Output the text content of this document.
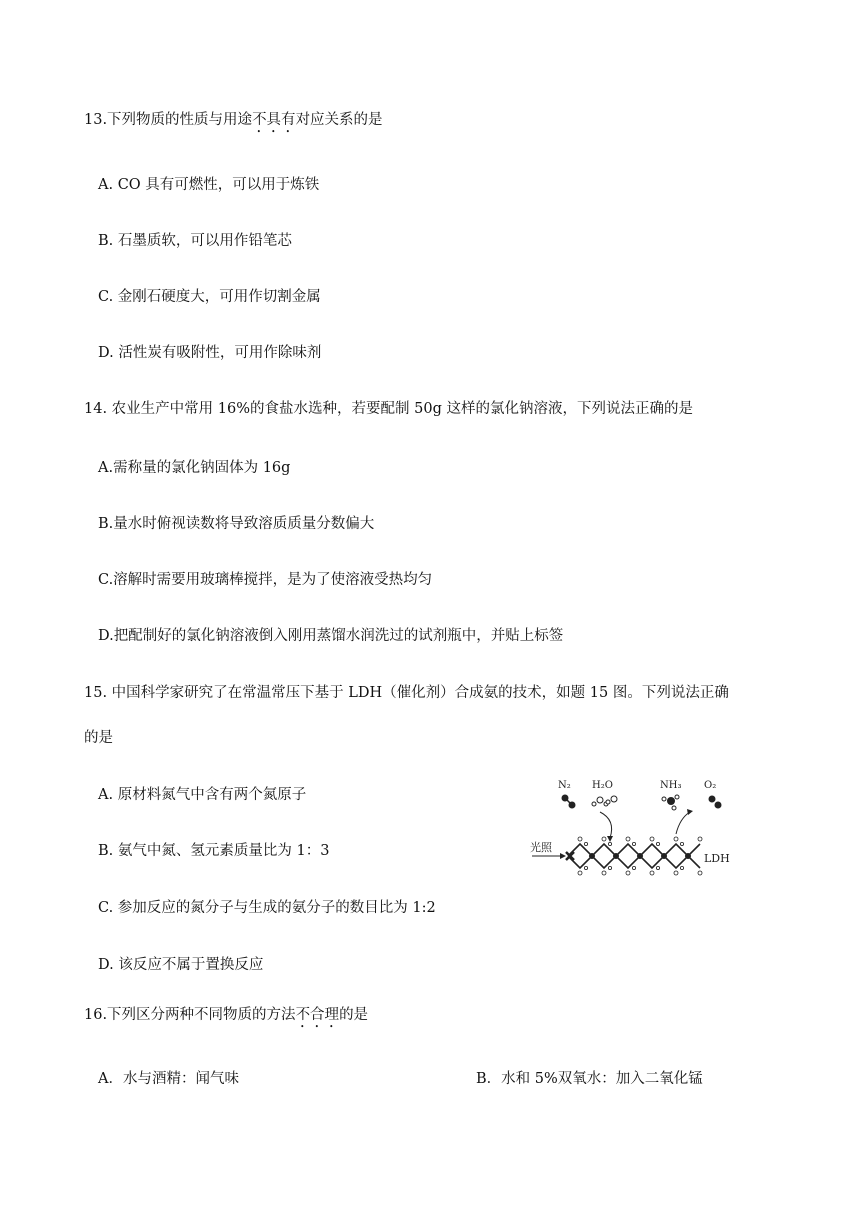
13.下列物质的性质与用途不具有对应关系的是
A. CO 具有可燃性，可以用于炼铁
B. 石墨质软，可以用作铅笔芯
C. 金刚石硬度大，可用作切割金属
D. 活性炭有吸附性，可用作除味剂
14. 农业生产中常用 16%的食盐水选种，若要配制 50g 这样的氯化钠溶液，下列说法正确的是
A.需称量的氯化钠固体为 16g
B.量水时俯视读数将导致溶质质量分数偏大
C.溶解时需要用玻璃棒搅拌，是为了使溶液受热均匀
D.把配制好的氯化钠溶液倒入刚用蒸馏水润洗过的试剂瓶中，并贴上标签
15. 中国科学家研究了在常温常压下基于 LDH（催化剂）合成氨的技术，如题 15 图。下列说法正确
的是
A. 原材料氮气中含有两个氮原子
B. 氨气中氮、氢元素质量比为 1：3
C. 参加反应的氮分子与生成的氨分子的数目比为 1:2
D. 该反应不属于置换反应
N₂ H₂O	NH₃ O₂
光照
LDH
16.下列区分两种不同物质的方法不合理的是
A．水与酒精：闻气味	B．水和 5%双氧水：加入二氧化锰
